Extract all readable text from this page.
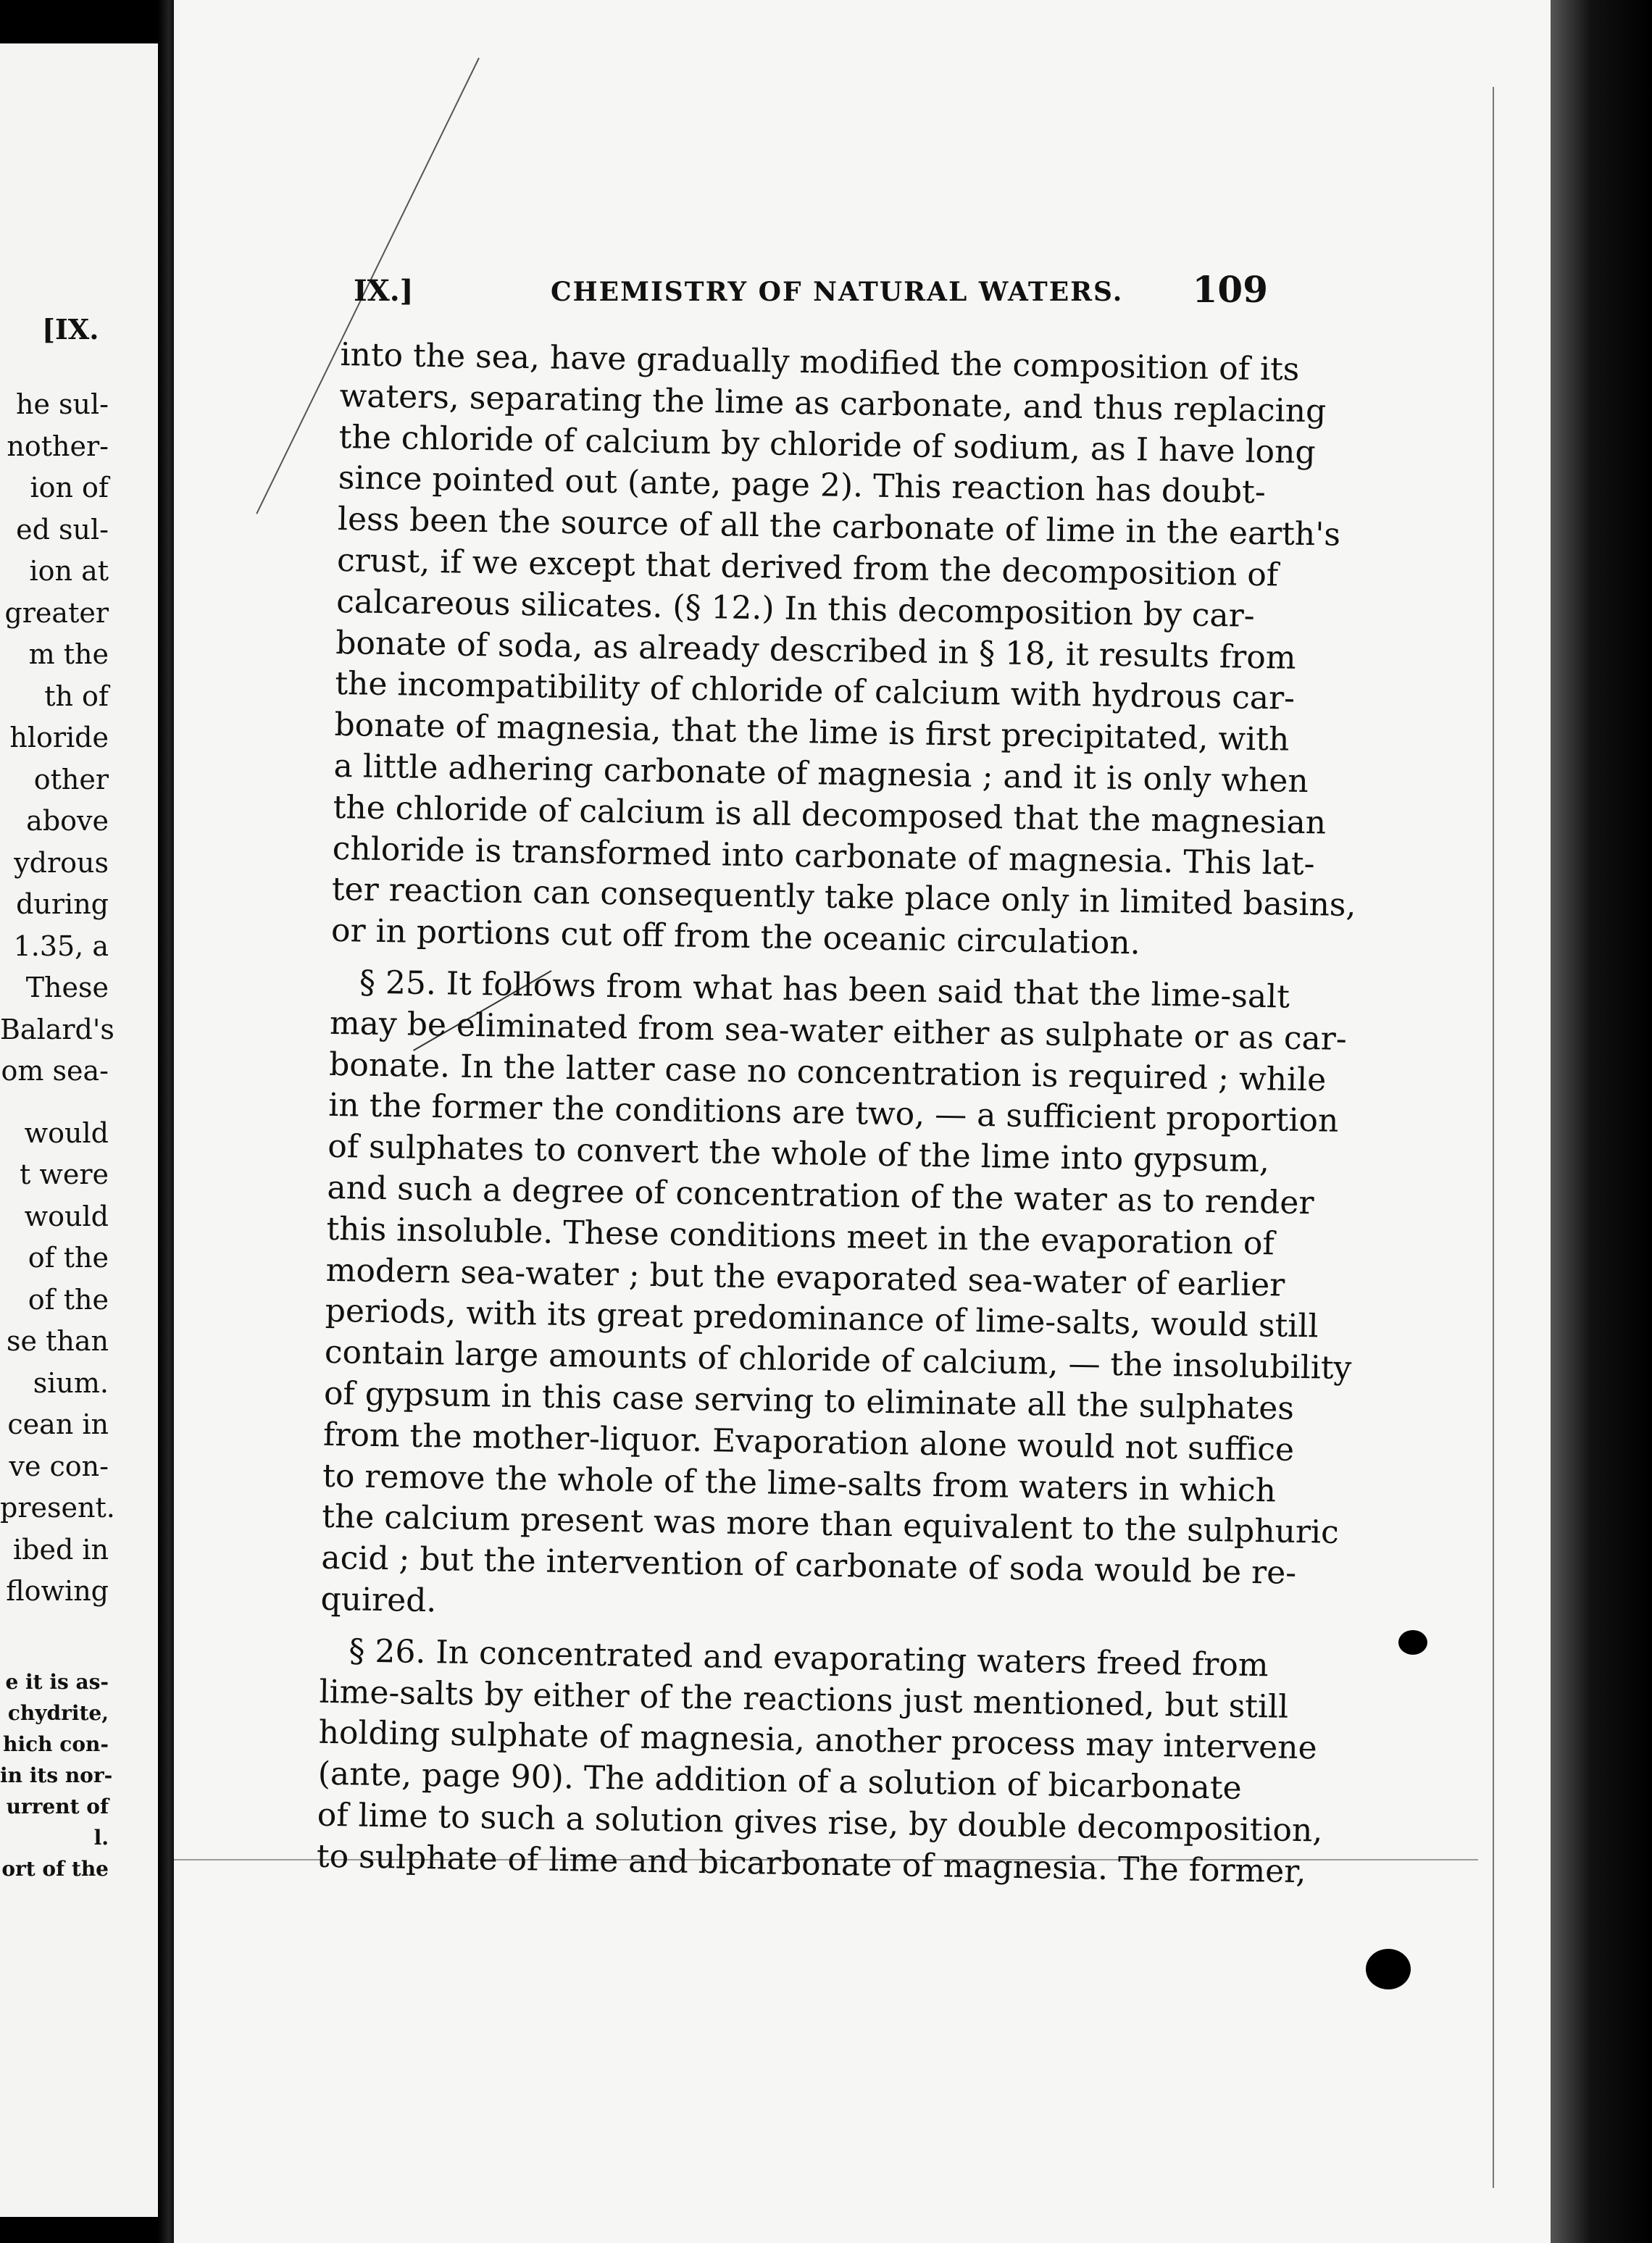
[IX.
he sul-
nother-
ion of
ed sul-
ion at
greater
m the
th of
hloride
other
above
ydrous
during
1.35, a
These
Balard's
om sea-
would
t were
would
of the
of the
se than
sium.
cean in
ve con-
present.
ibed in
flowing
e it is as-
chydrite,
hich con-
in its nor-
urrent of
l.
ort of the
IX.]	CHEMISTRY OF NATURAL WATERS. 109
into the sea, have gradually modified the composition of its
waters, separating the lime as carbonate, and thus replacing
the chloride of calcium by chloride of sodium, as I have long
since pointed out (ante, page 2). This reaction has doubt-
less been the source of all the carbonate of lime in the earth's
crust, if we except that derived from the decomposition of
calcareous silicates. (§ 12.) In this decomposition by car-
bonate of soda, as already described in § 18, it results from
the incompatibility of chloride of calcium with hydrous car-
bonate of magnesia, that the lime is first precipitated, with
a little adhering carbonate of magnesia ; and it is only when
the chloride of calcium is all decomposed that the magnesian
chloride is transformed into carbonate of magnesia. This lat-
ter reaction can consequently take place only in limited basins,
or in portions cut off from the oceanic circulation.
§ 25. It follows from what has been said that the lime-salt
may be eliminated from sea-water either as sulphate or as car-
bonate. In the latter case no concentration is required ; while
in the former the conditions are two, — a sufficient proportion
of sulphates to convert the whole of the lime into gypsum,
and such a degree of concentration of the water as to render
this insoluble. These conditions meet in the evaporation of
modern sea-water ; but the evaporated sea-water of earlier
periods, with its great predominance of lime-salts, would still
contain large amounts of chloride of calcium, — the insolubility
of gypsum in this case serving to eliminate all the sulphates
from the mother-liquor. Evaporation alone would not suffice
to remove the whole of the lime-salts from waters in which
the calcium present was more than equivalent to the sulphuric
acid ; but the intervention of carbonate of soda would be re-
quired.
§ 26. In concentrated and evaporating waters freed from
lime-salts by either of the reactions just mentioned, but still
holding sulphate of magnesia, another process may intervene
(ante, page 90). The addition of a solution of bicarbonate
of lime to such a solution gives rise, by double decomposition,
to sulphate of lime and bicarbonate of magnesia. The former,
